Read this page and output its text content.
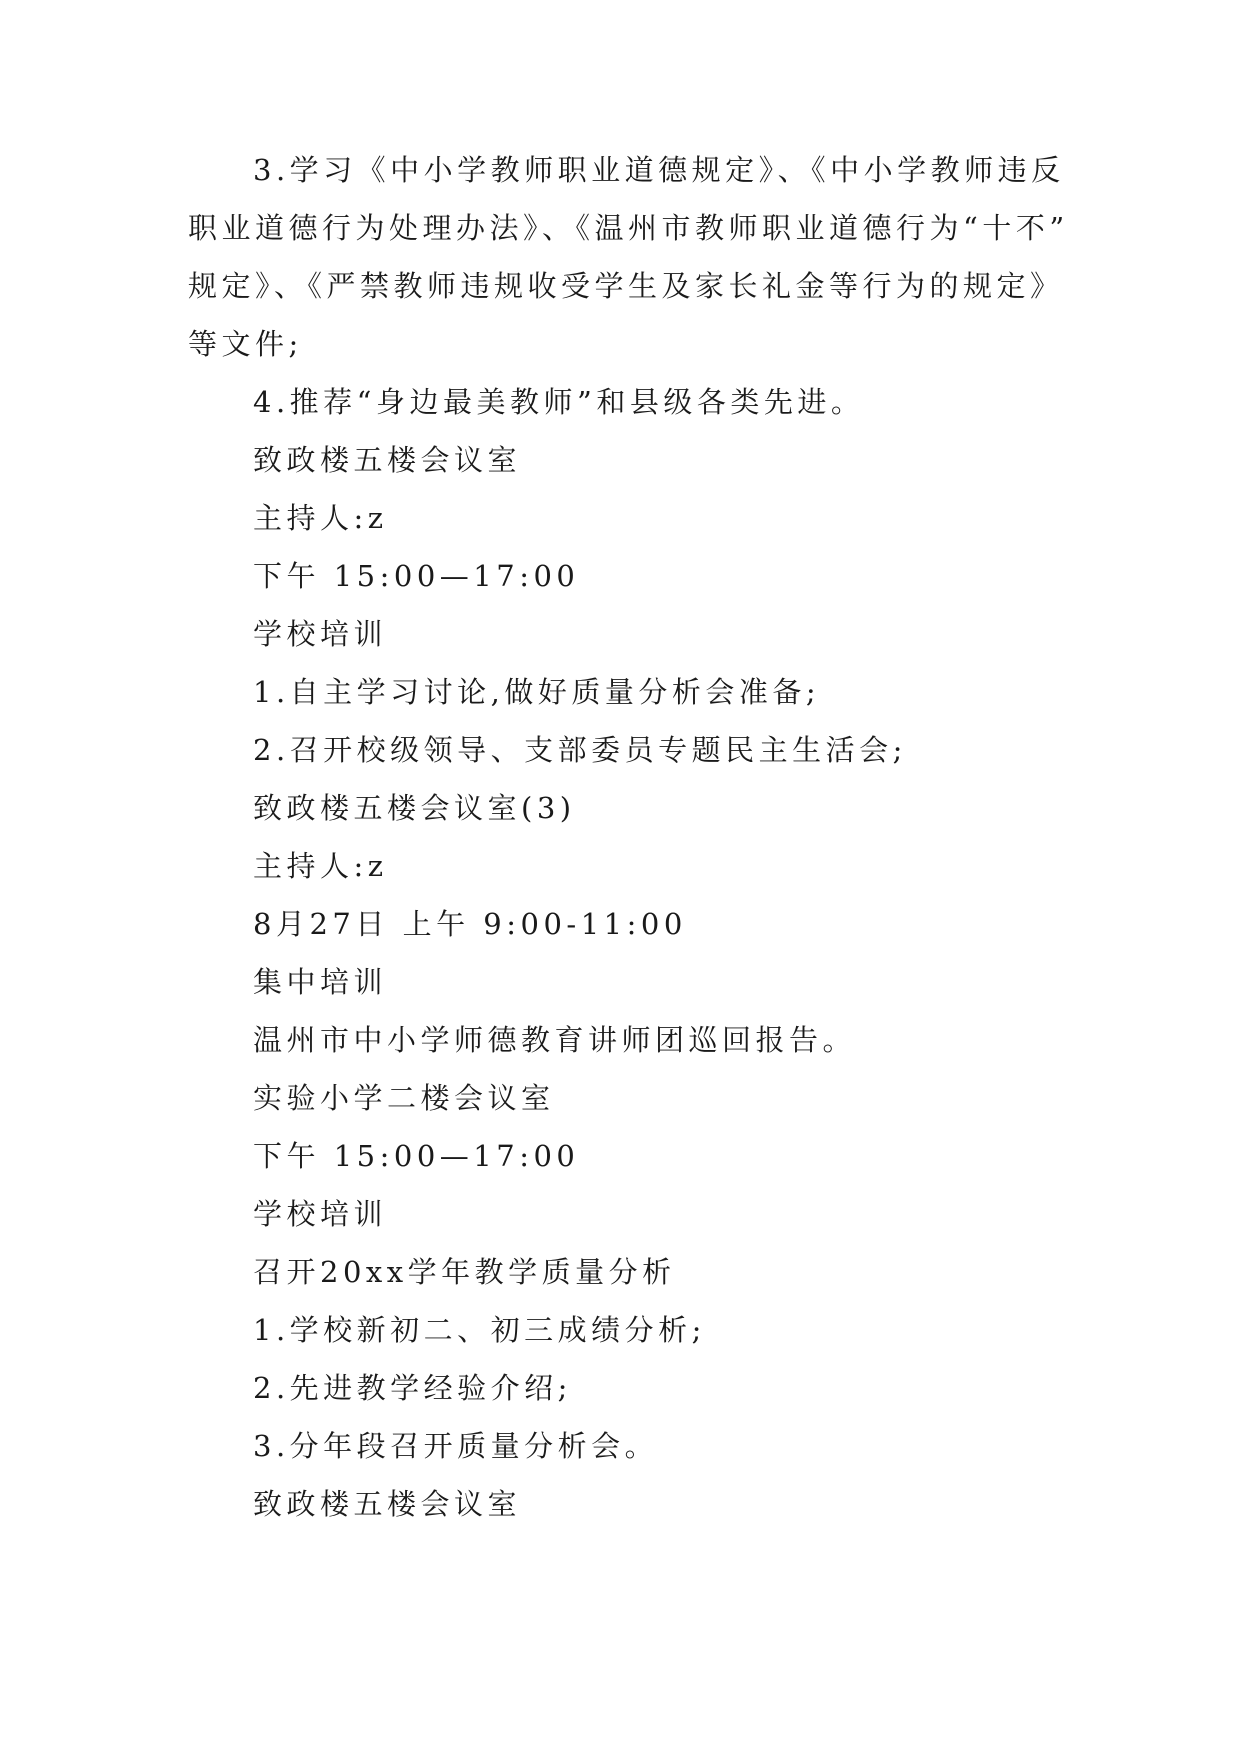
3.学习《中小学教师职业道德规定》、《中小学教师违反
职业道德行为处理办法》、《温州市教师职业道德行为“十不”
规定》、《严禁教师违规收受学生及家长礼金等行为的规定》
等文件;
4.推荐“身边最美教师”和县级各类先进。
致政楼五楼会议室
主持人:z
下午 15:00—17:00
学校培训
1.自主学习讨论,做好质量分析会准备;
2.召开校级领导、支部委员专题民主生活会;
致政楼五楼会议室(3)
主持人:z
8月27日 上午 9:00-11:00
集中培训
温州市中小学师德教育讲师团巡回报告。
实验小学二楼会议室
下午 15:00—17:00
学校培训
召开20xx学年教学质量分析
1.学校新初二、初三成绩分析;
2.先进教学经验介绍;
3.分年段召开质量分析会。
致政楼五楼会议室
